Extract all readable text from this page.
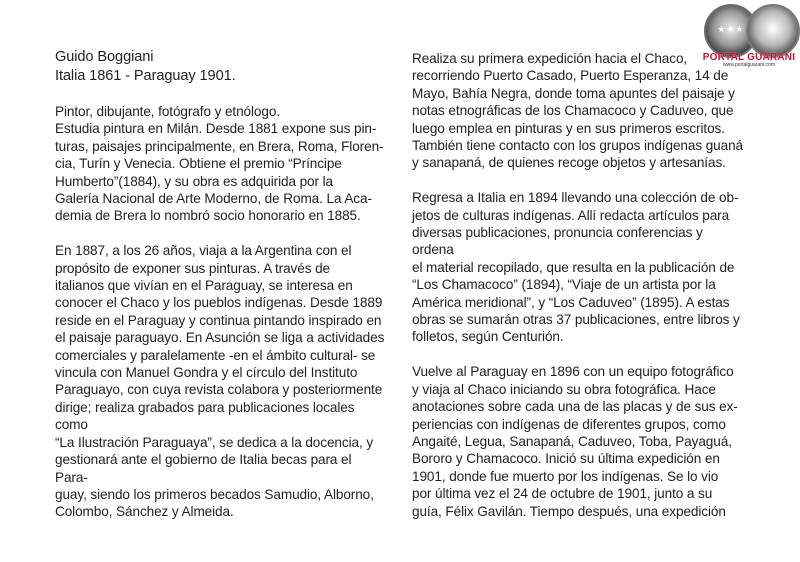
★★★
PORTAL GUARANI
www.portalguarani.com
Guido Boggiani
Italia 1861 - Paraguay 1901.

Pintor, dibujante, fotógrafo y etnólogo.
Estudia pintura en Milán. Desde 1881 expone sus pin-
turas, paisajes principalmente, en Brera, Roma, Floren-
cia, Turín y Venecia. Obtiene el premio “Príncipe
Humberto”(1884), y su obra es adquirida por la
Galería Nacional de Arte Moderno, de Roma. La Aca-
demia de Brera lo nombró socio honorario en 1885.

En 1887, a los 26 años, viaja a la Argentina con el
propósito de exponer sus pinturas. A través de
italianos que vivían en el Paraguay, se interesa en
conocer el Chaco y los pueblos indígenas. Desde 1889
reside en el Paraguay y continua pintando inspirado en
el paisaje paraguayo. En Asunción se liga a actividades
comerciales y paralelamente -en el ámbito cultural- se
vincula con Manuel Gondra y el círculo del Instituto
Paraguayo, con cuya revista colabora y posteriormente
dirige; realiza grabados para publicaciones locales como
“La Ilustración Paraguaya”, se dedica a la docencia, y
gestionará ante el gobierno de Italia becas para el Para-
guay, siendo los primeros becados Samudio, Alborno,
Colombo, Sánchez y Almeida.

Realiza su primera expedición hacia el Chaco,
recorriendo Puerto Casado, Puerto Esperanza, 14 de
Mayo, Bahía Negra, donde toma apuntes del paisaje y
notas etnográficas de los Chamacoco y Caduveo, que
luego emplea en pinturas y en sus primeros escritos.
También tiene contacto con los grupos indígenas guaná
y sanapaná, de quienes recoge objetos y artesanías.

Regresa a Italia en 1894 llevando una colección de ob-
jetos de culturas indígenas. Allí redacta artículos para
diversas publicaciones, pronuncia conferencias y ordena
el material recopilado, que resulta en la publicación de
“Los Chamacoco” (1894), “Viaje de un artista por la
América meridional”, y “Los Caduveo” (1895). A estas
obras se sumarán otras 37 publicaciones, entre libros y
folletos, según Centurión.

Vuelve al Paraguay en 1896 con un equipo fotográfico
y viaja al Chaco iniciando su obra fotográfica. Hace
anotaciones sobre cada una de las placas y de sus ex-
periencias con indígenas de diferentes grupos, como
Angaité, Legua, Sanapaná, Caduveo, Toba, Payaguá,
Bororo y Chamacoco. Inició su última expedición en
1901, donde fue muerto por los indígenas. Se lo vio
por última vez el 24 de octubre de 1901, junto a su
guía, Félix Gavilán. Tiempo después, una expedición
